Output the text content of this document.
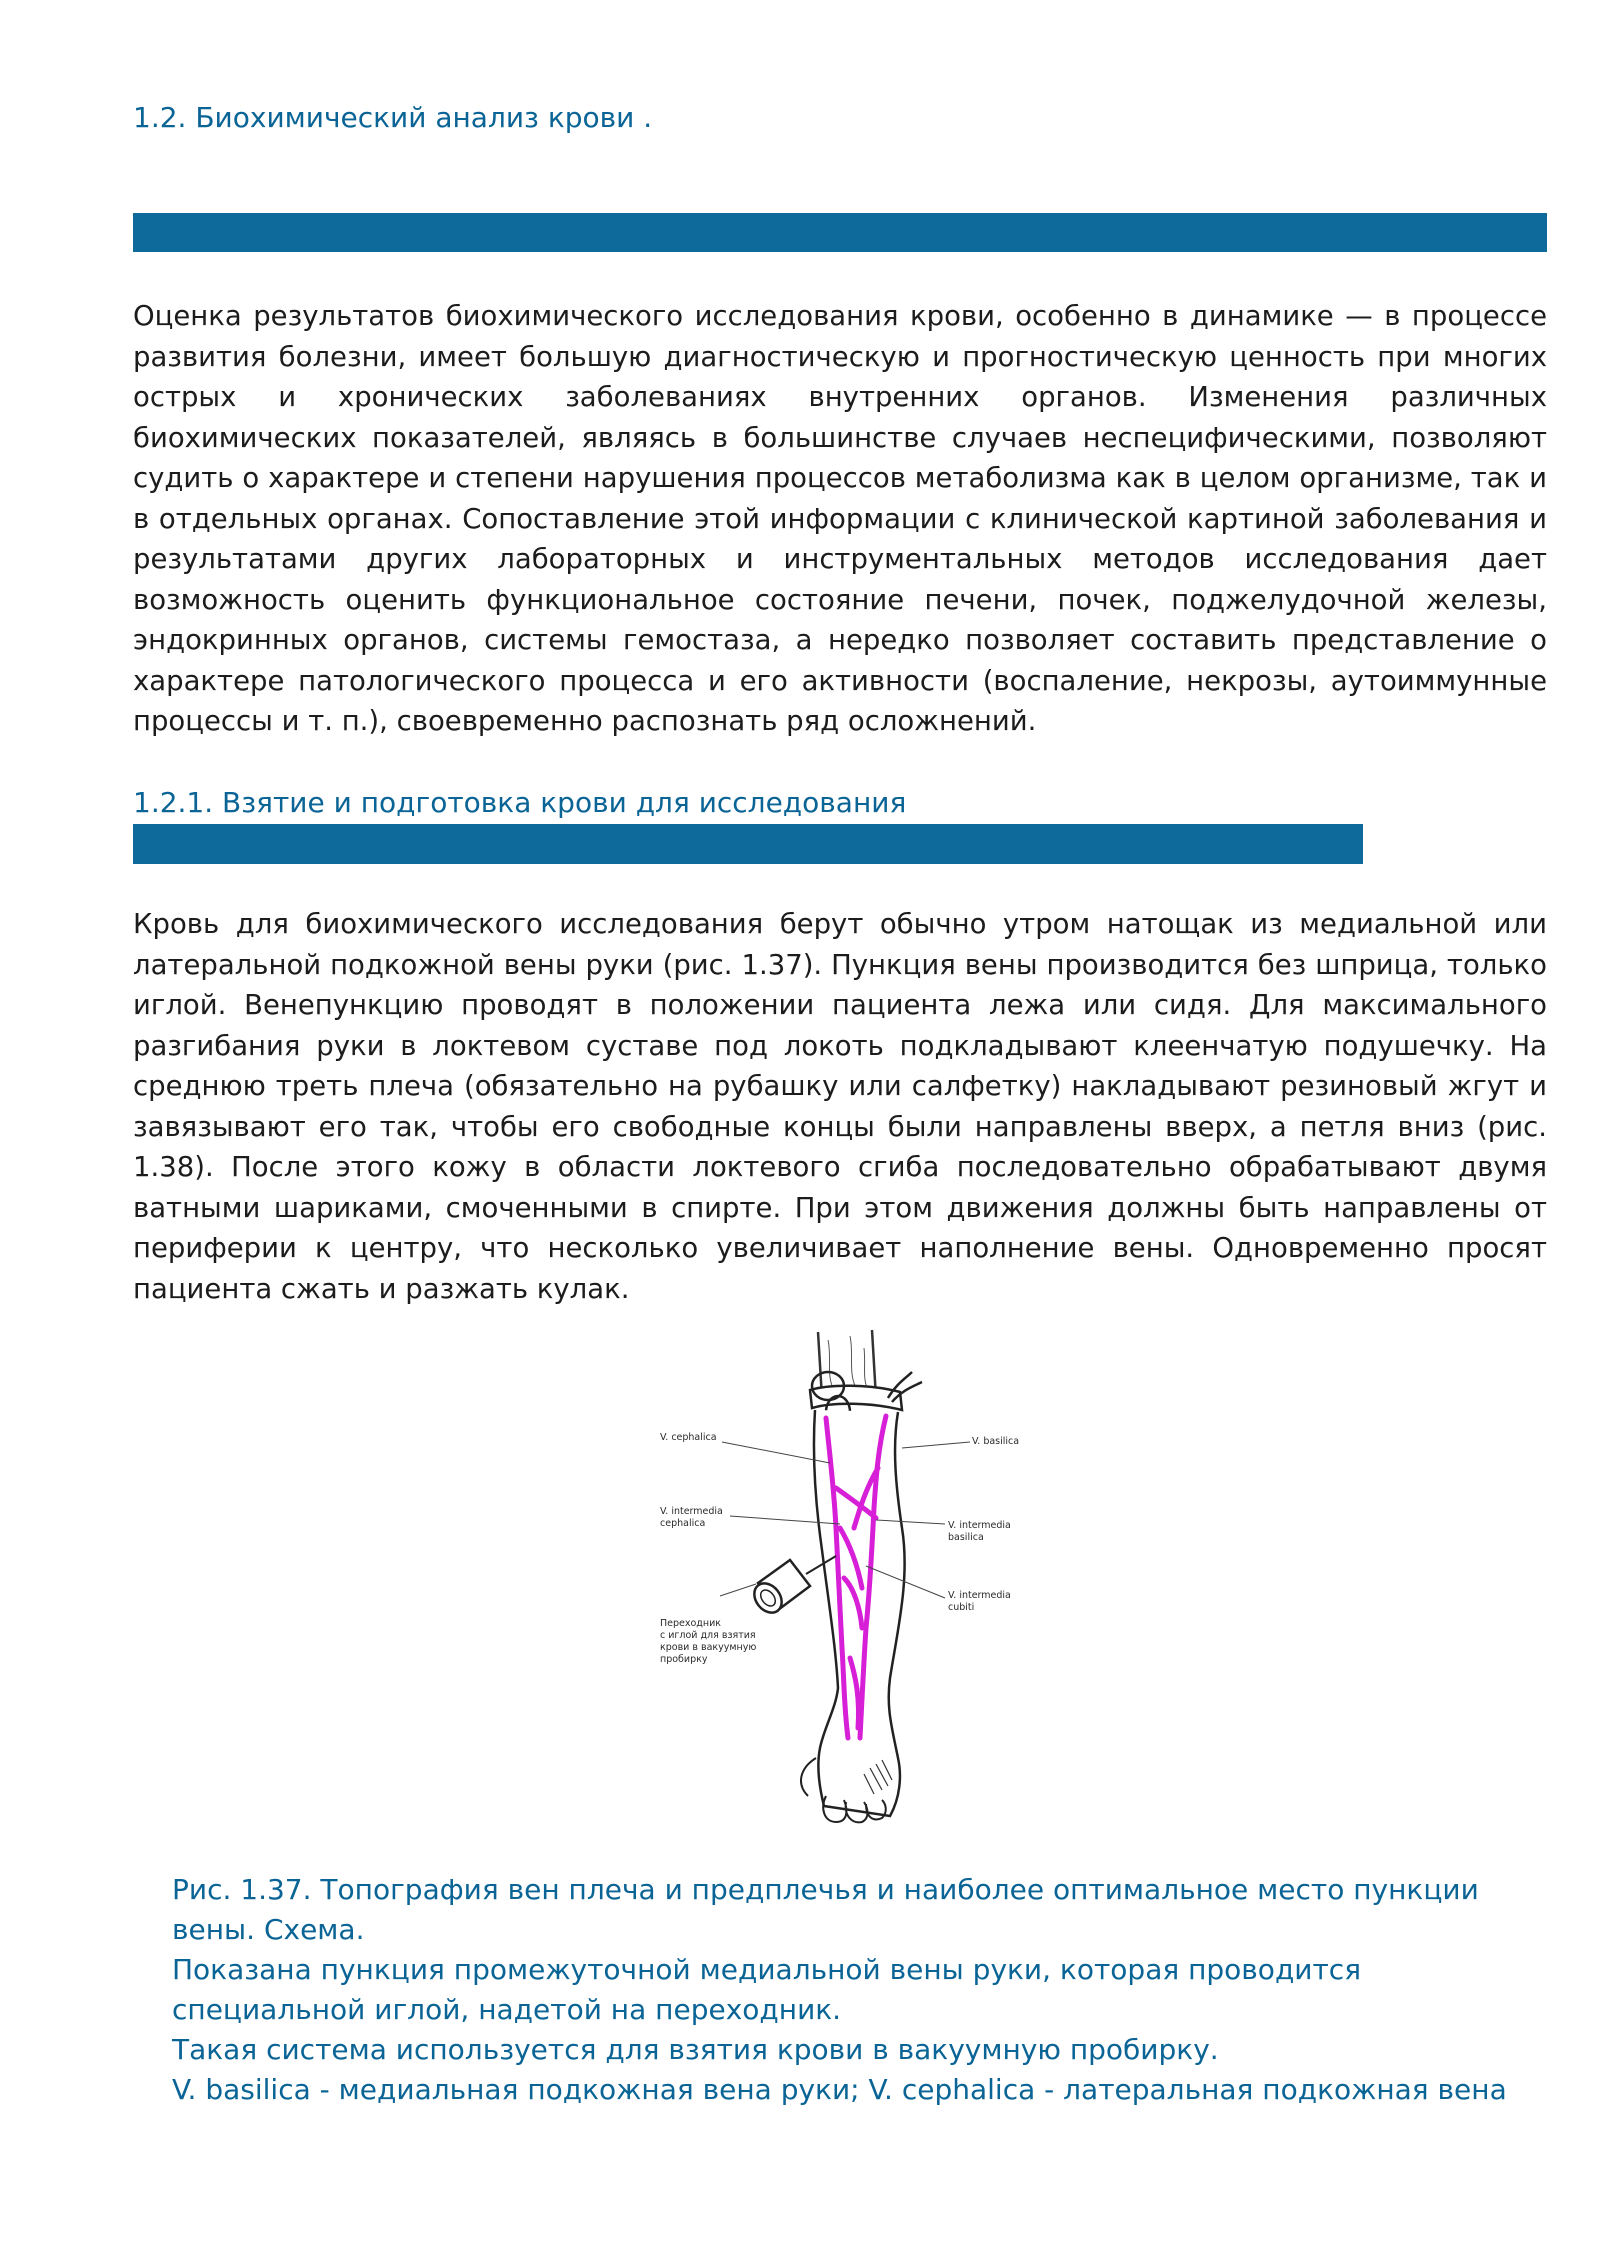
1.2. Биохимический анализ крови .

Оценка результатов биохимического исследования крови, особенно в динамике — в процессе развития болезни, имеет большую диагностическую и прогностическую ценность при многих острых и хронических заболеваниях внутренних органов. Изменения различных биохимических показателей, являясь в большинстве случаев неспецифическими, позволяют судить о характере и степени нарушения процессов метаболизма как в целом организме, так и в отдельных органах. Сопоставление этой информации с клинической картиной заболевания и результатами других лабораторных и инструментальных методов исследования дает возможность оценить функциональное состояние печени, почек, поджелудочной железы, эндокринных органов, системы гемостаза, а нередко позволяет составить представление о характере патологического процесса и его активности (воспаление, некрозы, аутоиммунные процессы и т. п.), своевременно распознать ряд осложнений.

1.2.1. Взятие и подготовка крови для исследования

Кровь для биохимического исследования берут обычно утром натощак из медиальной или латеральной подкожной вены руки (рис. 1.37). Пункция вены производится без шприца, только иглой. Венепункцию проводят в положении пациента лежа или сидя. Для максимального разгибания руки в локтевом суставе под локоть подкладывают клеенчатую подушечку. На среднюю треть плеча (обязательно на рубашку или салфетку) накладывают резиновый жгут и завязывают его так, чтобы его свободные концы были направлены вверх, а петля вниз (рис. 1.38). После этого кожу в области локтевого сгиба последовательно обрабатывают двумя ватными шариками, смоченными в спирте. При этом движения должны быть направлены от периферии к центру, что несколько увеличивает наполнение вены. Одновременно просят пациента сжать и разжать кулак.

V. cephalica	V. basilica
V. intermedia
cephalica	V. intermedia
basilica
V. intermedia
cubiti
Переходник
с иглой для взятия
крови в вакуумную
пробирку
Рис. 1.37. Топография вен плеча и предплечья и наиболее оптимальное место пункции вены. Схема.
Показана пункция промежуточной медиальной вены руки, которая проводится специальной иглой, надетой на переходник.
Такая система используется для взятия крови в вакуумную пробирку.
V. basilica - медиальная подкожная вена руки; V. cephalica - латеральная подкожная вена
